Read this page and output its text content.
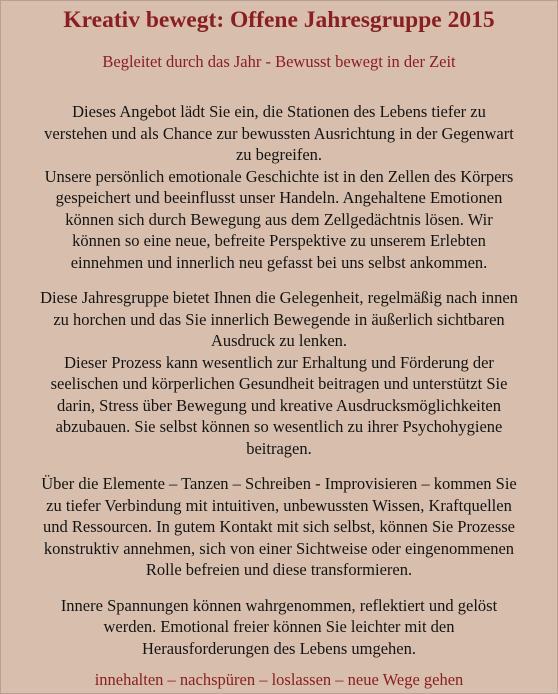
Kreativ bewegt: Offene Jahresgruppe 2015
Begleitet durch das Jahr - Bewusst bewegt in der Zeit

Dieses Angebot lädt Sie ein, die Stationen des Lebens tiefer zu
verstehen und als Chance zur bewussten Ausrichtung in der Gegenwart
zu begreifen.
Unsere persönlich emotionale Geschichte ist in den Zellen des Körpers
gespeichert und beeinflusst unser Handeln. Angehaltene Emotionen
können sich durch Bewegung aus dem Zellgedächtnis lösen. Wir
können so eine neue, befreite Perspektive zu unserem Erlebten
einnehmen und innerlich neu gefasst bei uns selbst ankommen.

Diese Jahresgruppe bietet Ihnen die Gelegenheit, regelmäßig nach innen
zu horchen und das Sie innerlich Bewegende in äußerlich sichtbaren
Ausdruck zu lenken.
Dieser Prozess kann wesentlich zur Erhaltung und Förderung der
seelischen und körperlichen Gesundheit beitragen und unterstützt Sie
darin, Stress über Bewegung und kreative Ausdrucksmöglichkeiten
abzubauen. Sie selbst können so wesentlich zu ihrer Psychohygiene
beitragen.

Über die Elemente – Tanzen – Schreiben - Improvisieren – kommen Sie
zu tiefer Verbindung mit intuitiven, unbewussten Wissen, Kraftquellen
und Ressourcen. In gutem Kontakt mit sich selbst, können Sie Prozesse
konstruktiv annehmen, sich von einer Sichtweise oder eingenommenen
Rolle befreien und diese transformieren.

Innere Spannungen können wahrgenommen, reflektiert und gelöst
werden. Emotional freier können Sie leichter mit den
Herausforderungen des Lebens umgehen.

innehalten – nachspüren – loslassen – neue Wege gehen
